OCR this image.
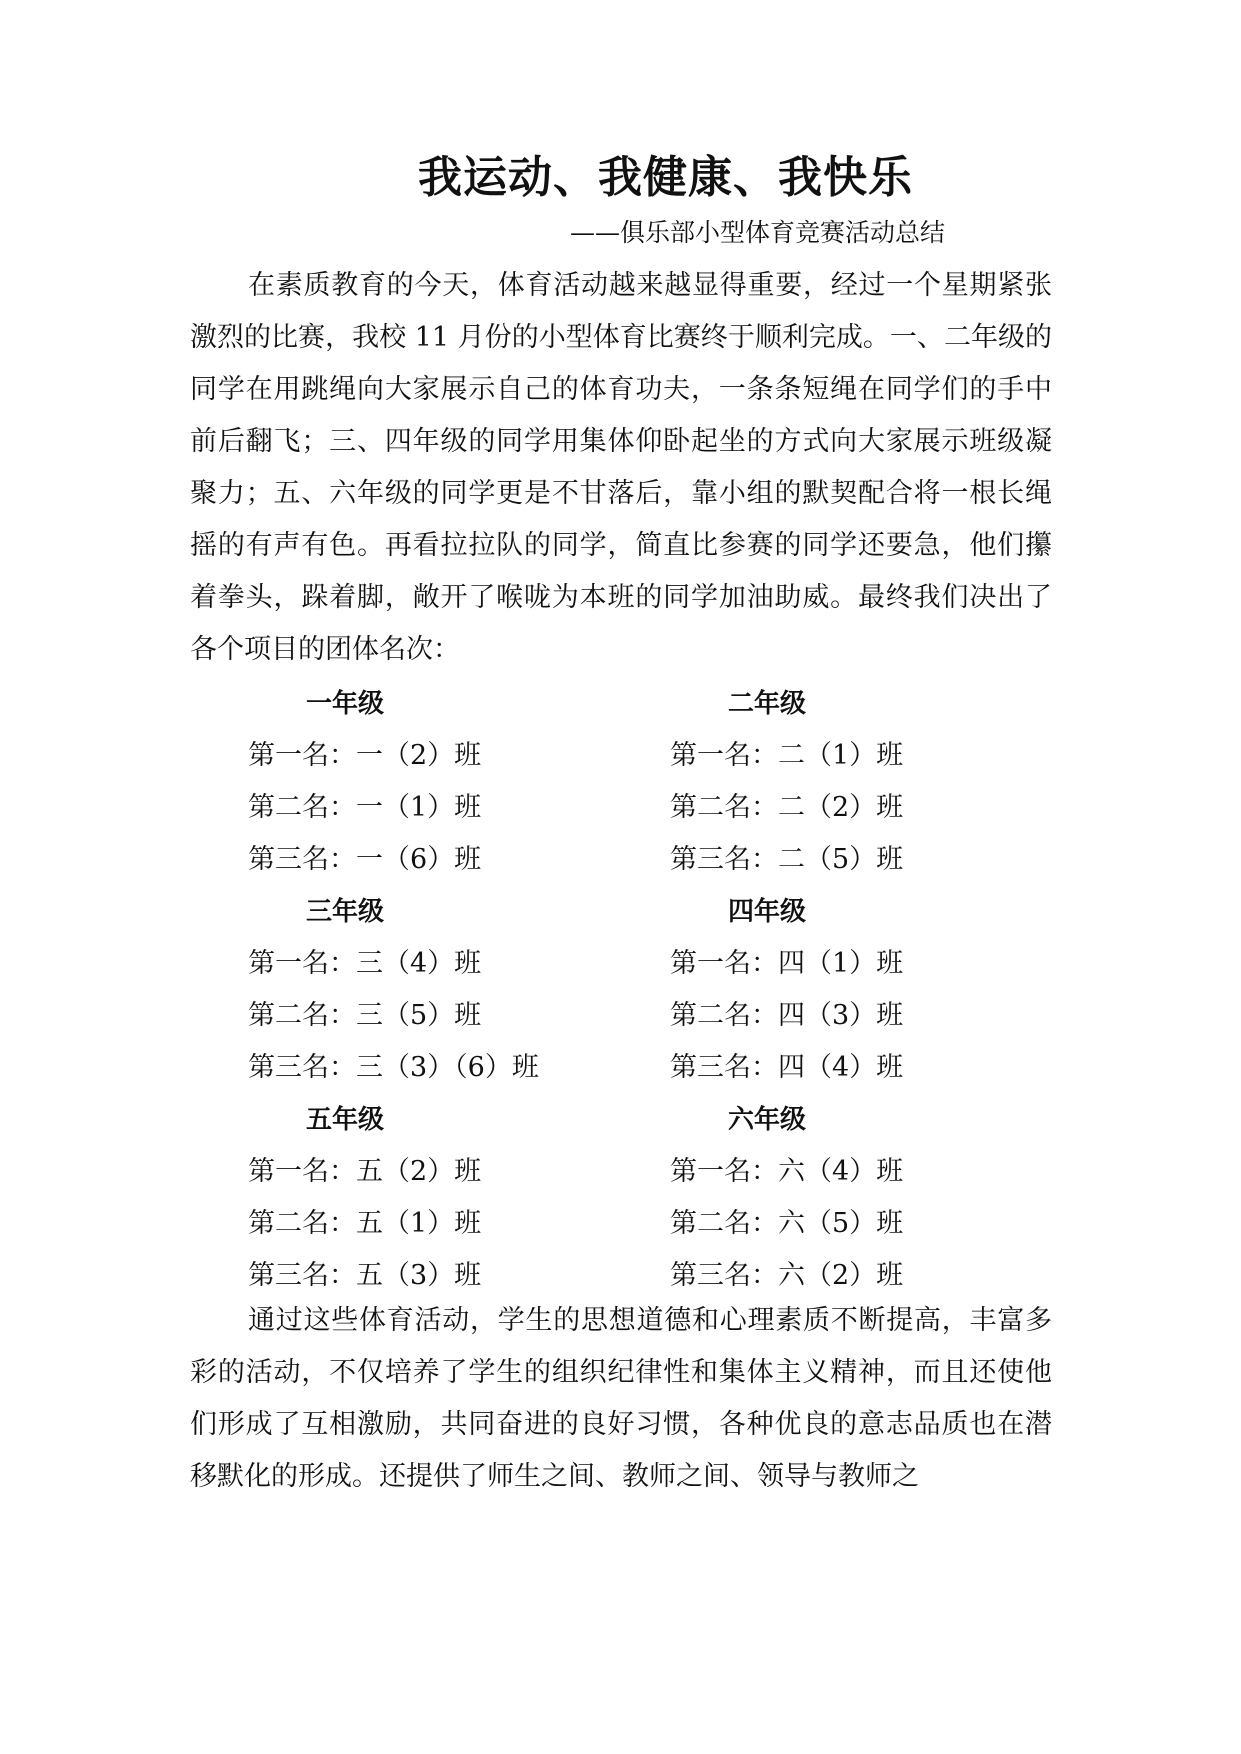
我运动、我健康、我快乐
——俱乐部小型体育竞赛活动总结

在素质教育的今天，体育活动越来越显得重要，经过一个星期紧张激烈的比赛，我校 11 月份的小型体育比赛终于顺利完成。一、二年级的同学在用跳绳向大家展示自己的体育功夫，一条条短绳在同学们的手中前后翻飞；三、四年级的同学用集体仰卧起坐的方式向大家展示班级凝聚力；五、六年级的同学更是不甘落后，靠小组的默契配合将一根长绳摇的有声有色。再看拉拉队的同学，简直比参赛的同学还要急，他们攥着拳头，跺着脚，敞开了喉咙为本班的同学加油助威。最终我们决出了各个项目的团体名次：

一年级
第一名：一（2）班
第二名：一（1）班
第三名：一（6）班
二年级
第一名：二（1）班
第二名：二（2）班
第三名：二（5）班
三年级
第一名：三（4）班
第二名：三（5）班
第三名：三（3）（6）班
四年级
第一名：四（1）班
第二名：四（3）班
第三名：四（4）班
五年级
第一名：五（2）班
第二名：五（1）班
第三名：五（3）班
六年级
第一名：六（4）班
第二名：六（5）班
第三名：六（2）班

通过这些体育活动，学生的思想道德和心理素质不断提高，丰富多彩的活动，不仅培养了学生的组织纪律性和集体主义精神，而且还使他们形成了互相激励，共同奋进的良好习惯，各种优良的意志品质也在潜移默化的形成。还提供了师生之间、教师之间、领导与教师之
